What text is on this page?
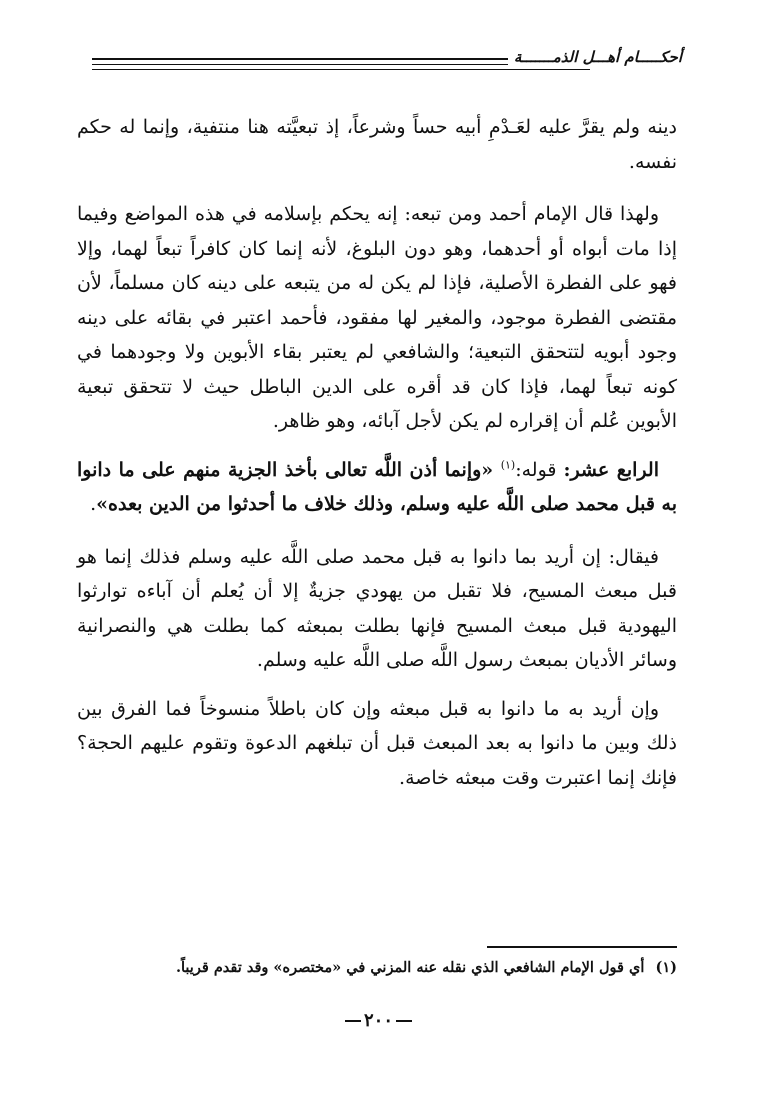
أحكـــــام أهـــل الذمـــــــة

دينه ولم يقرَّ عليه لعَـدْمِ أبيه حساً وشرعاً، إذ تبعيَّته هنا منتفية، وإنما له حكم نفسه.

ولهذا قال الإمام أحمد ومن تبعه: إنه يحكم بإسلامه في هذه المواضع وفيما إذا مات أبواه أو أحدهما، وهو دون البلوغ، لأنه إنما كان كافراً تبعاً لهما، وإلا فهو على الفطرة الأصلية، فإذا لم يكن له من يتبعه على دينه كان مسلماً، لأن مقتضى الفطرة موجود، والمغير لها مفقود، فأحمد اعتبر في بقائه على دينه وجود أبويه لتتحقق التبعية؛ والشافعي لم يعتبر بقاء الأبوين ولا وجودهما في كونه تبعاً لهما، فإذا كان قد أقره على الدين الباطل حيث لا تتحقق تبعية الأبوين عُلم أن إقراره لم يكن لأجل آبائه، وهو ظاهر.

الرابع عشر: قوله:$^{(١)}$ «وإنما أذن اللَّه تعالى بأخذ الجزية منهم على ما دانوا به قبل محمد صلى اللَّه عليه وسلم، وذلك خلاف ما أحدثوا من الدين بعده».

فيقال: إن أريد بما دانوا به قبل محمد صلى اللَّه عليه وسلم فذلك إنما هو قبل مبعث المسيح، فلا تقبل من يهودي جزيةٌ إلا أن يُعلم أن آباءه توارثوا اليهودية قبل مبعث المسيح فإنها بطلت بمبعثه كما بطلت هي والنصرانية وسائر الأديان بمبعث رسول اللَّه صلى اللَّه عليه وسلم.

وإن أريد به ما دانوا به قبل مبعثه وإن كان باطلاً منسوخاً فما الفرق بين ذلك وبين ما دانوا به بعد المبعث قبل أن تبلغهم الدعوة وتقوم عليهم الحجة؟ فإنك إنما اعتبرت وقت مبعثه خاصة.

(١) أي قول الإمام الشافعي الذي نقله عنه المزني في «مختصره» وقد تقدم قريباً.
٢٠٠
